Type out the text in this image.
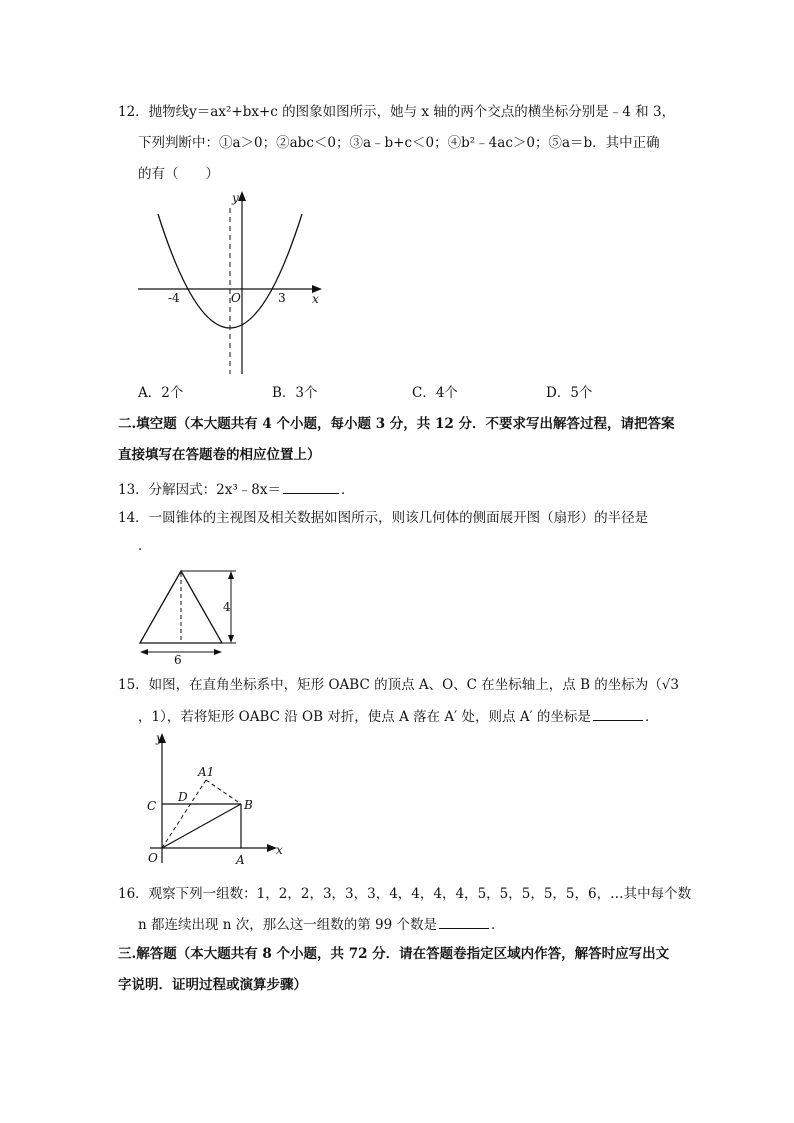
12．抛物线y＝ax²+bx+c 的图象如图所示，她与 x 轴的两个交点的横坐标分别是﹣4 和 3，
下列判断中：①a＞0；②abc＜0；③a﹣b+c＜0；④b²﹣4ac＞0；⑤a＝b．其中正确
的有（　　）
y
x
O
-4	3
A．2个	B．3个	C．4个	D．5个
二.填空题（本大题共有 4 个小题，每小题 3 分，共 12 分．不要求写出解答过程，请把答案
直接填写在答题卷的相应位置上）
13．分解因式：2x³﹣8x＝	．
14．一圆锥体的主视图及相关数据如图所示，则该几何体的侧面展开图（扇形）的半径是
．
4
6
15．如图，在直角坐标系中，矩形 OABC 的顶点 A、O、C 在坐标轴上，点 B 的坐标为（√3
，1），若将矩形 OABC 沿 OB 对折，使点 A 落在 A′ 处，则点 A′ 的坐标是	．
y
x
O	A
B
C
D
A1
16．观察下列一组数：1，2，2，3，3，3，4，4，4，4，5，5，5，5，5，6，…其中每个数
n 都连续出现 n 次，那么这一组数的第 99 个数是	．
三.解答题（本大题共有 8 个小题，共 72 分．请在答题卷指定区域内作答，解答时应写出文
字说明．证明过程或演算步骤）
